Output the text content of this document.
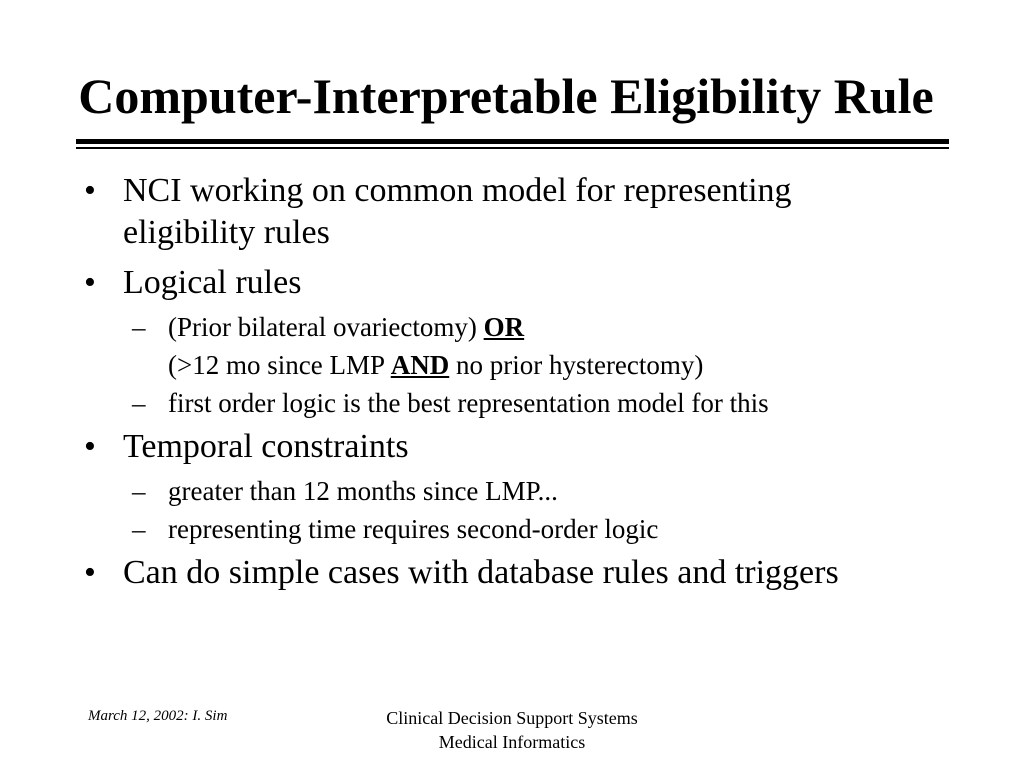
Computer-Interpretable Eligibility Rule
• NCI working on common model for representing
eligibility rules
• Logical rules
– (Prior bilateral ovariectomy) OR
(>12 mo since LMP AND no prior hysterectomy)
– first order logic is the best representation model for this
• Temporal constraints
– greater than 12 months since LMP...
– representing time requires second-order logic
• Can do simple cases with database rules and triggers
March 12, 2002: I. Sim	Clinical Decision Support Systems
Medical Informatics
